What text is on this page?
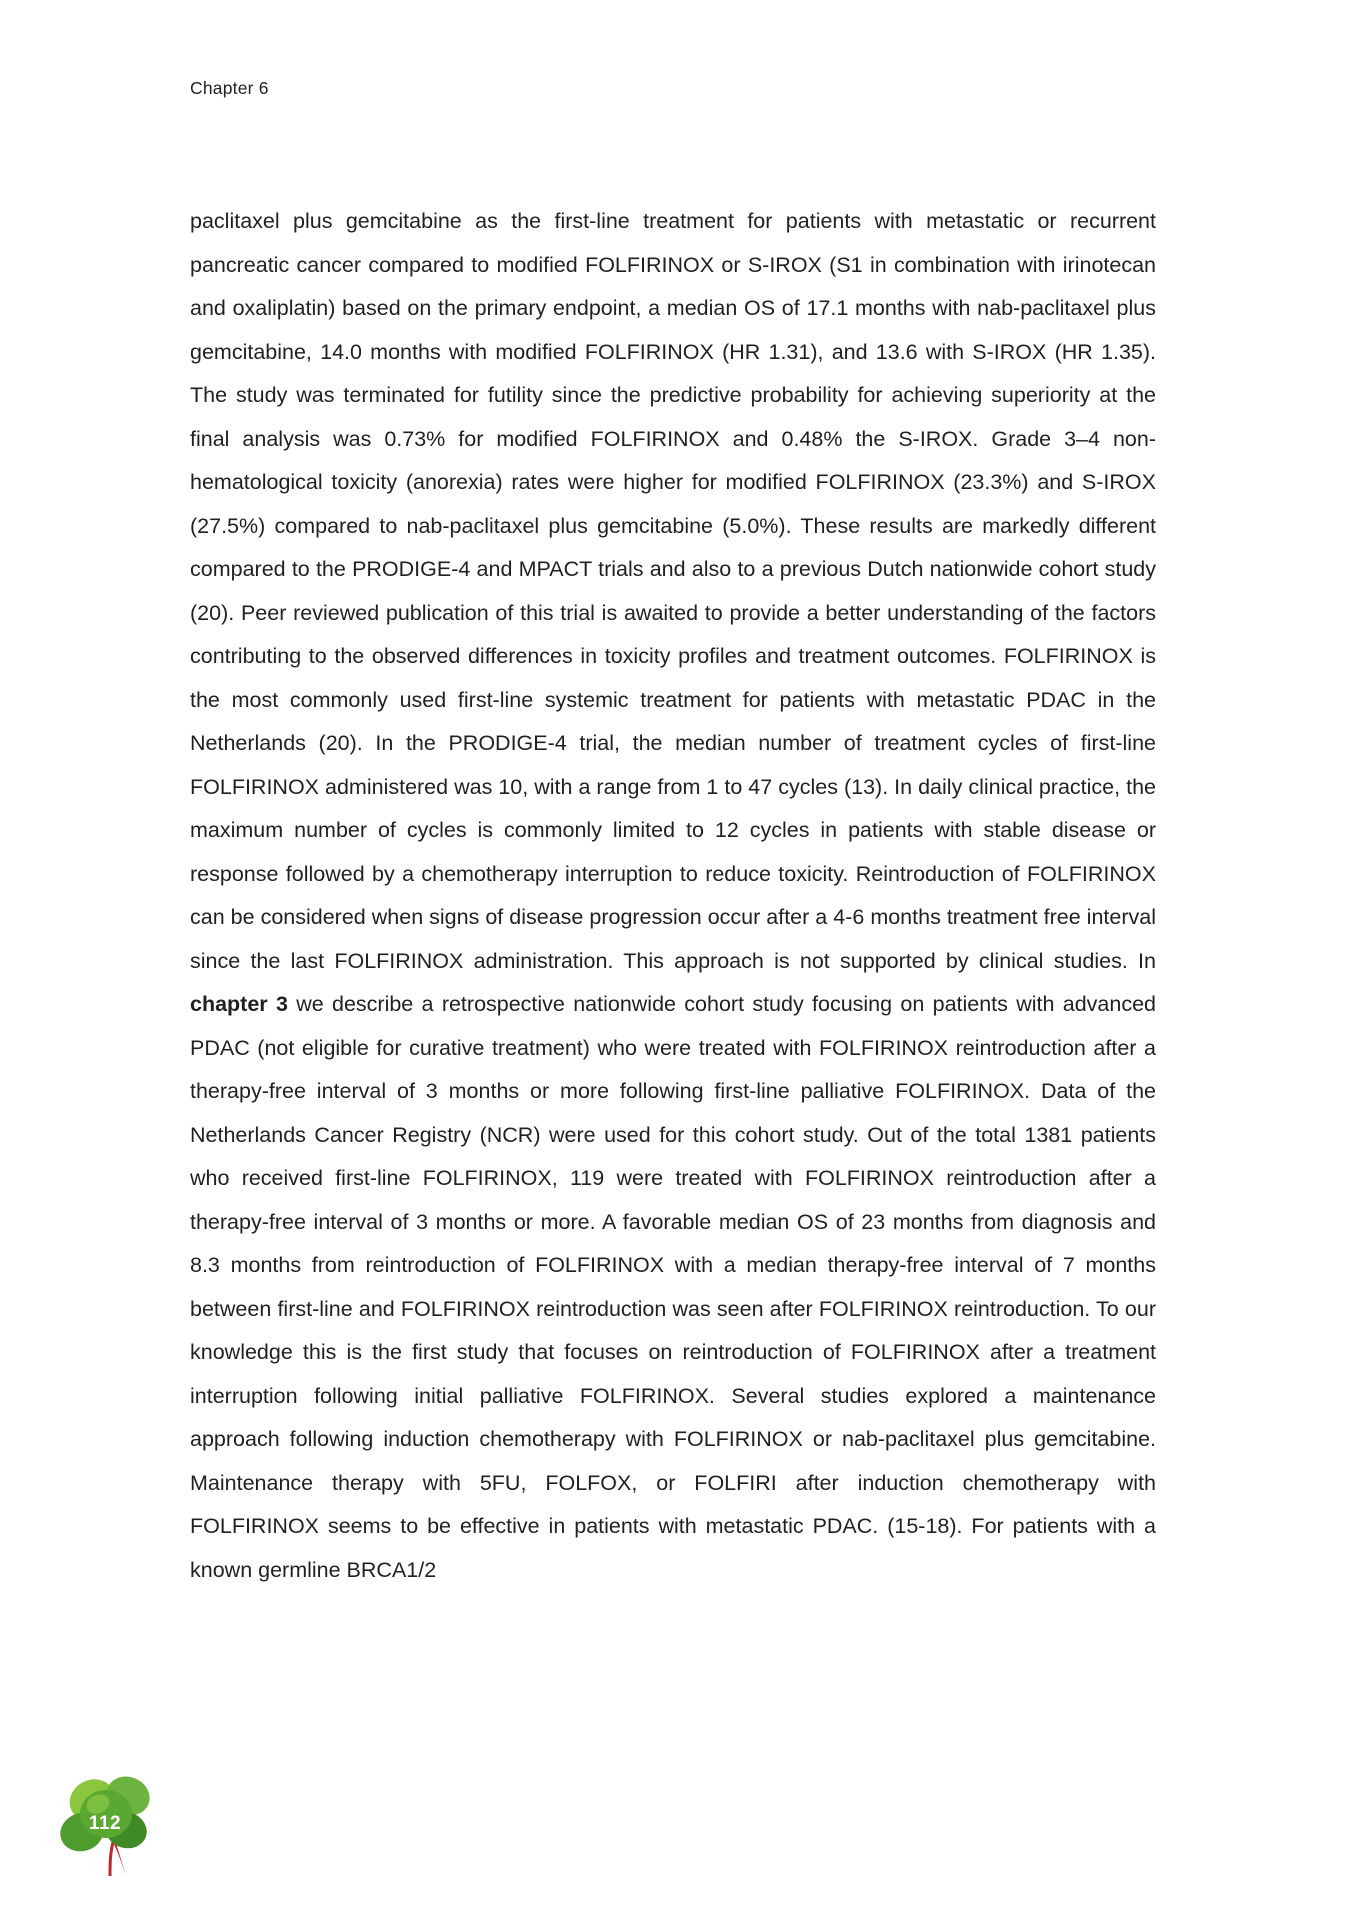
Chapter 6

paclitaxel plus gemcitabine as the first-line treatment for patients with metastatic or recurrent pancreatic cancer compared to modified FOLFIRINOX or S-IROX (S1 in combination with irinotecan and oxaliplatin) based on the primary endpoint, a median OS of 17.1 months with nab-paclitaxel plus gemcitabine, 14.0 months with modified FOLFIRINOX (HR 1.31), and 13.6 with S-IROX (HR 1.35). The study was terminated for futility since the predictive probability for achieving superiority at the final analysis was 0.73% for modified FOLFIRINOX and 0.48% the S-IROX. Grade 3–4 non-hematological toxicity (anorexia) rates were higher for modified FOLFIRINOX (23.3%) and S-IROX (27.5%) compared to nab-paclitaxel plus gemcitabine (5.0%). These results are markedly different compared to the PRODIGE-4 and MPACT trials and also to a previous Dutch nationwide cohort study (20). Peer reviewed publication of this trial is awaited to provide a better understanding of the factors contributing to the observed differences in toxicity profiles and treatment outcomes. FOLFIRINOX is the most commonly used first-line systemic treatment for patients with metastatic PDAC in the Netherlands (20). In the PRODIGE-4 trial, the median number of treatment cycles of first-line FOLFIRINOX administered was 10, with a range from 1 to 47 cycles (13). In daily clinical practice, the maximum number of cycles is commonly limited to 12 cycles in patients with stable disease or response followed by a chemotherapy interruption to reduce toxicity. Reintroduction of FOLFIRINOX can be considered when signs of disease progression occur after a 4-6 months treatment free interval since the last FOLFIRINOX administration. This approach is not supported by clinical studies. In chapter 3 we describe a retrospective nationwide cohort study focusing on patients with advanced PDAC (not eligible for curative treatment) who were treated with FOLFIRINOX reintroduction after a therapy-free interval of 3 months or more following first-line palliative FOLFIRINOX. Data of the Netherlands Cancer Registry (NCR) were used for this cohort study. Out of the total 1381 patients who received first-line FOLFIRINOX, 119 were treated with FOLFIRINOX reintroduction after a therapy-free interval of 3 months or more. A favorable median OS of 23 months from diagnosis and 8.3 months from reintroduction of FOLFIRINOX with a median therapy-free interval of 7 months between first-line and FOLFIRINOX reintroduction was seen after FOLFIRINOX reintroduction. To our knowledge this is the first study that focuses on reintroduction of FOLFIRINOX after a treatment interruption following initial palliative FOLFIRINOX. Several studies explored a maintenance approach following induction chemotherapy with FOLFIRINOX or nab-paclitaxel plus gemcitabine. Maintenance therapy with 5FU, FOLFOX, or FOLFIRI after induction chemotherapy with FOLFIRINOX seems to be effective in patients with metastatic PDAC. (15-18). For patients with a known germline BRCA1/2

112
